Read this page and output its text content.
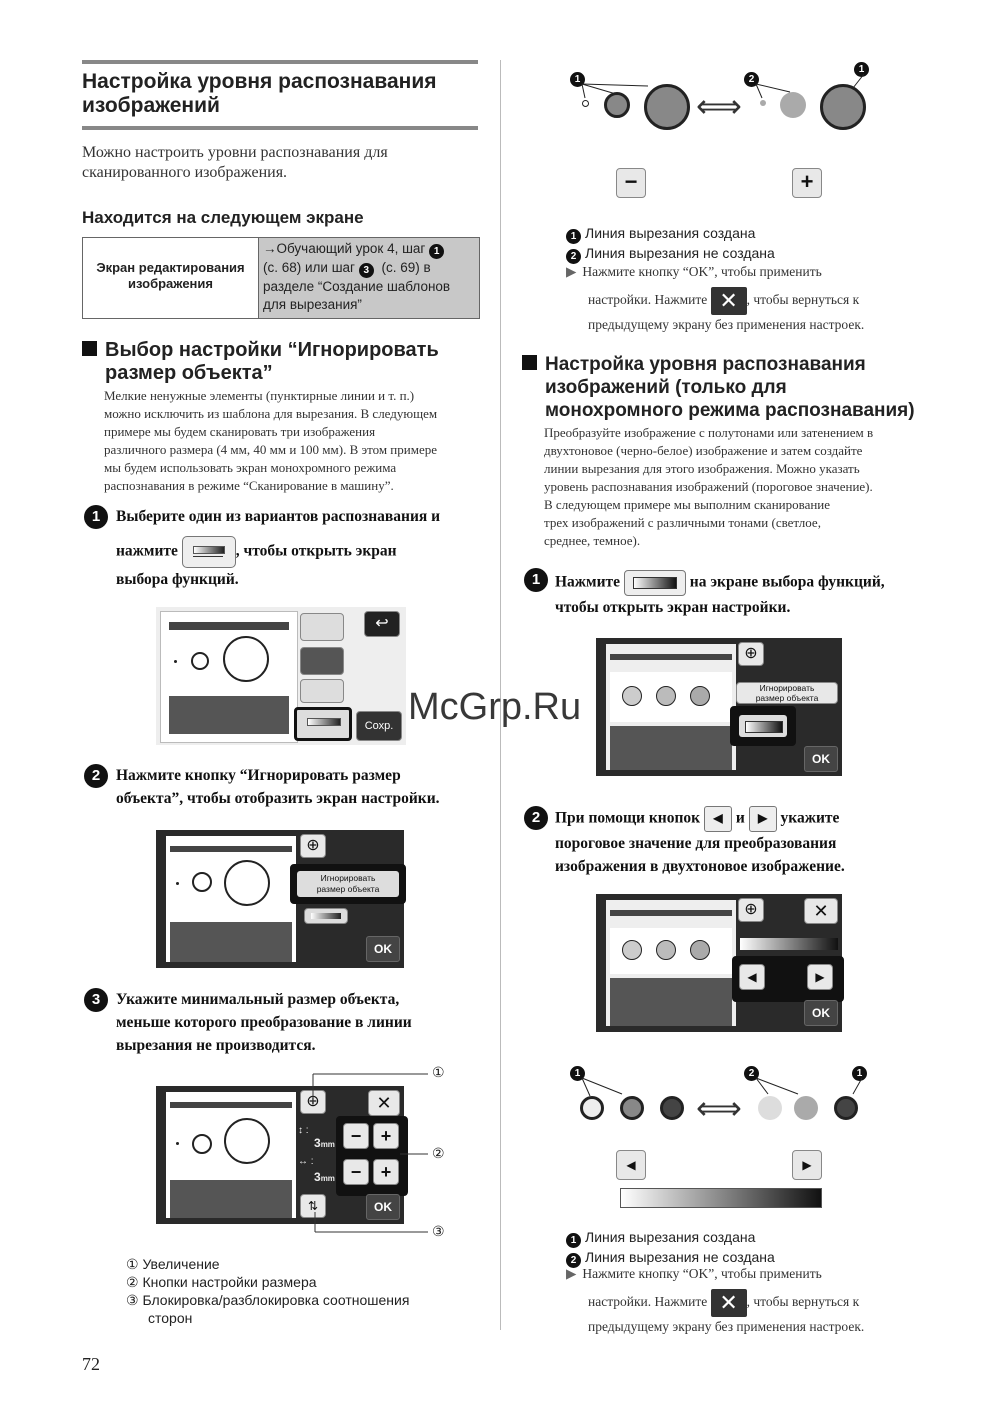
Настройка уровня распознавания
изображений
Можно настроить уровни распознавания для
сканированного изображения.
Находится на следующем экране
Экран редактирования
изображения
→Обучающий урок 4, шаг 1
(с. 68) или шаг 3 (с. 69) в
разделе “Создание шаблонов
для вырезания”
Выбор настройки “Игнорировать
размер объекта”
Мелкие ненужные элементы (пунктирные линии и т. п.)
можно исключить из шаблона для вырезания. В следующем
примере мы будем сканировать три изображения
различного размера (4 мм, 40 мм и 100 мм). В этом примере
мы будем использовать экран монохромного режима
распознавания в режиме “Сканирование в машину”.
1	Выберите один из вариантов распознавания и
нажмите	, чтобы открыть экран
выбора функций.
↩
Сохр.
2	Нажмите кнопку “Игнорировать размер
объекта”, чтобы отобразить экран настройки.
⊕
Игнорировать
размер объекта
OK
3	Укажите минимальный размер объекта,
меньше которого преобразование в линии
вырезания не производится.
⊕	✕
↕ :
3mm
↔ :
3mm
−	+
−	+
⇅	OK
①
②
③
① Увеличение
② Кнопки настройки размера
③ Блокировка/разблокировка соотношения
сторон
72
1	2
1
⟺
−	+
1 Линия вырезания создана
2 Линия вырезания не создана
▶ Нажмите кнопку “OK”, чтобы применить
настройки. Нажмите ✕ , чтобы вернуться к
предыдущему экрану без применения настроек.
Настройка уровня распознавания
изображений (только для
монохромного режима распознавания)
Преобразуйте изображение с полутонами или затенением в
двухтоновое (черно-белое) изображение и затем создайте
линии вырезания для этого изображения. Можно указать
уровень распознавания изображений (пороговое значение).
В следующем примере мы выполним сканирование
трех изображений с различными тонами (светлое,
среднее, темное).
1 Нажмите	на экране выбора функций,
чтобы открыть экран настройки.
⊕
Игнорировать
размер объекта
OK
McGrp.Ru
2 При помощи кнопок ◀ и ▶ укажите
пороговое значение для преобразования
изображения в двухтоновое изображение.
⊕	✕
◀	▶
OK
1	2	1
⟺
◀	▶
1 Линия вырезания создана
2 Линия вырезания не создана
▶ Нажмите кнопку “OK”, чтобы применить
настройки. Нажмите ✕ , чтобы вернуться к
предыдущему экрану без применения настроек.
